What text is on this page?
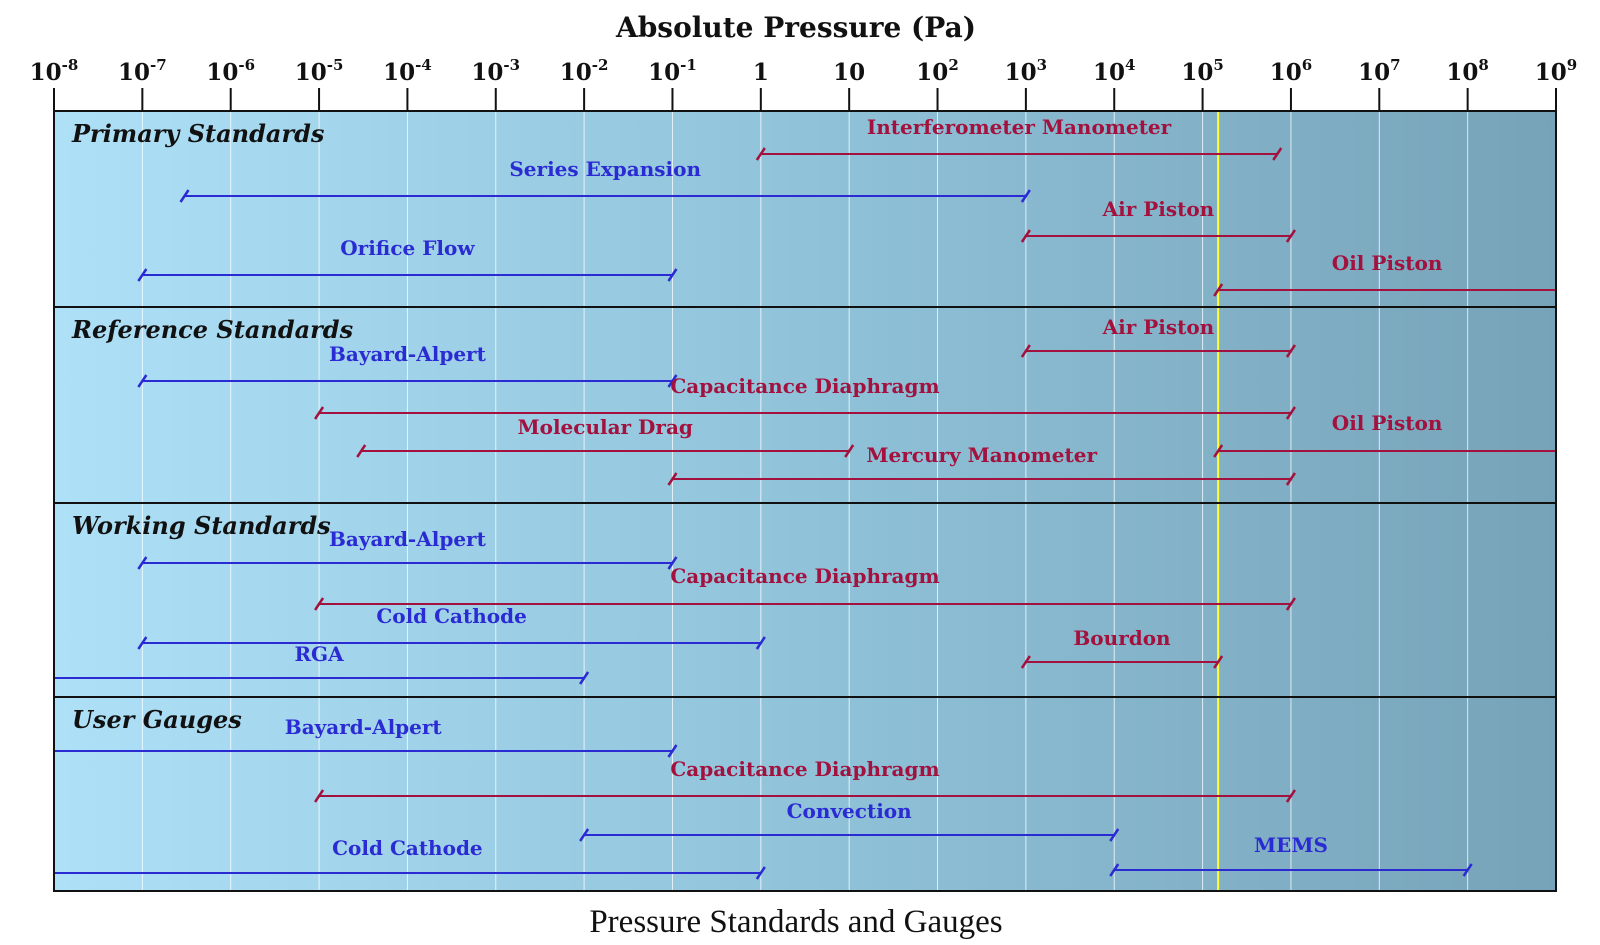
Absolute Pressure (Pa)
10-8 10-7 10-6 10-5 10-4 10-3 10-2 10-1 1	10 102 103 104 105 106 107 108 109
Primary Standards	Interferometer Manometer
Series Expansion
Air Piston
Orifice Flow
Oil Piston
Reference Standards	Air Piston
Bayard-Alpert
Capacitance Diaphragm
Molecular Drag	Oil Piston
Mercury Manometer
Working Standards
Bayard-Alpert
Capacitance Diaphragm
Cold Cathode
Bourdon
RGA
User Gauges Bayard-Alpert
Capacitance Diaphragm
Convection
MEMS
Cold Cathode
Pressure Standards and Gauges
